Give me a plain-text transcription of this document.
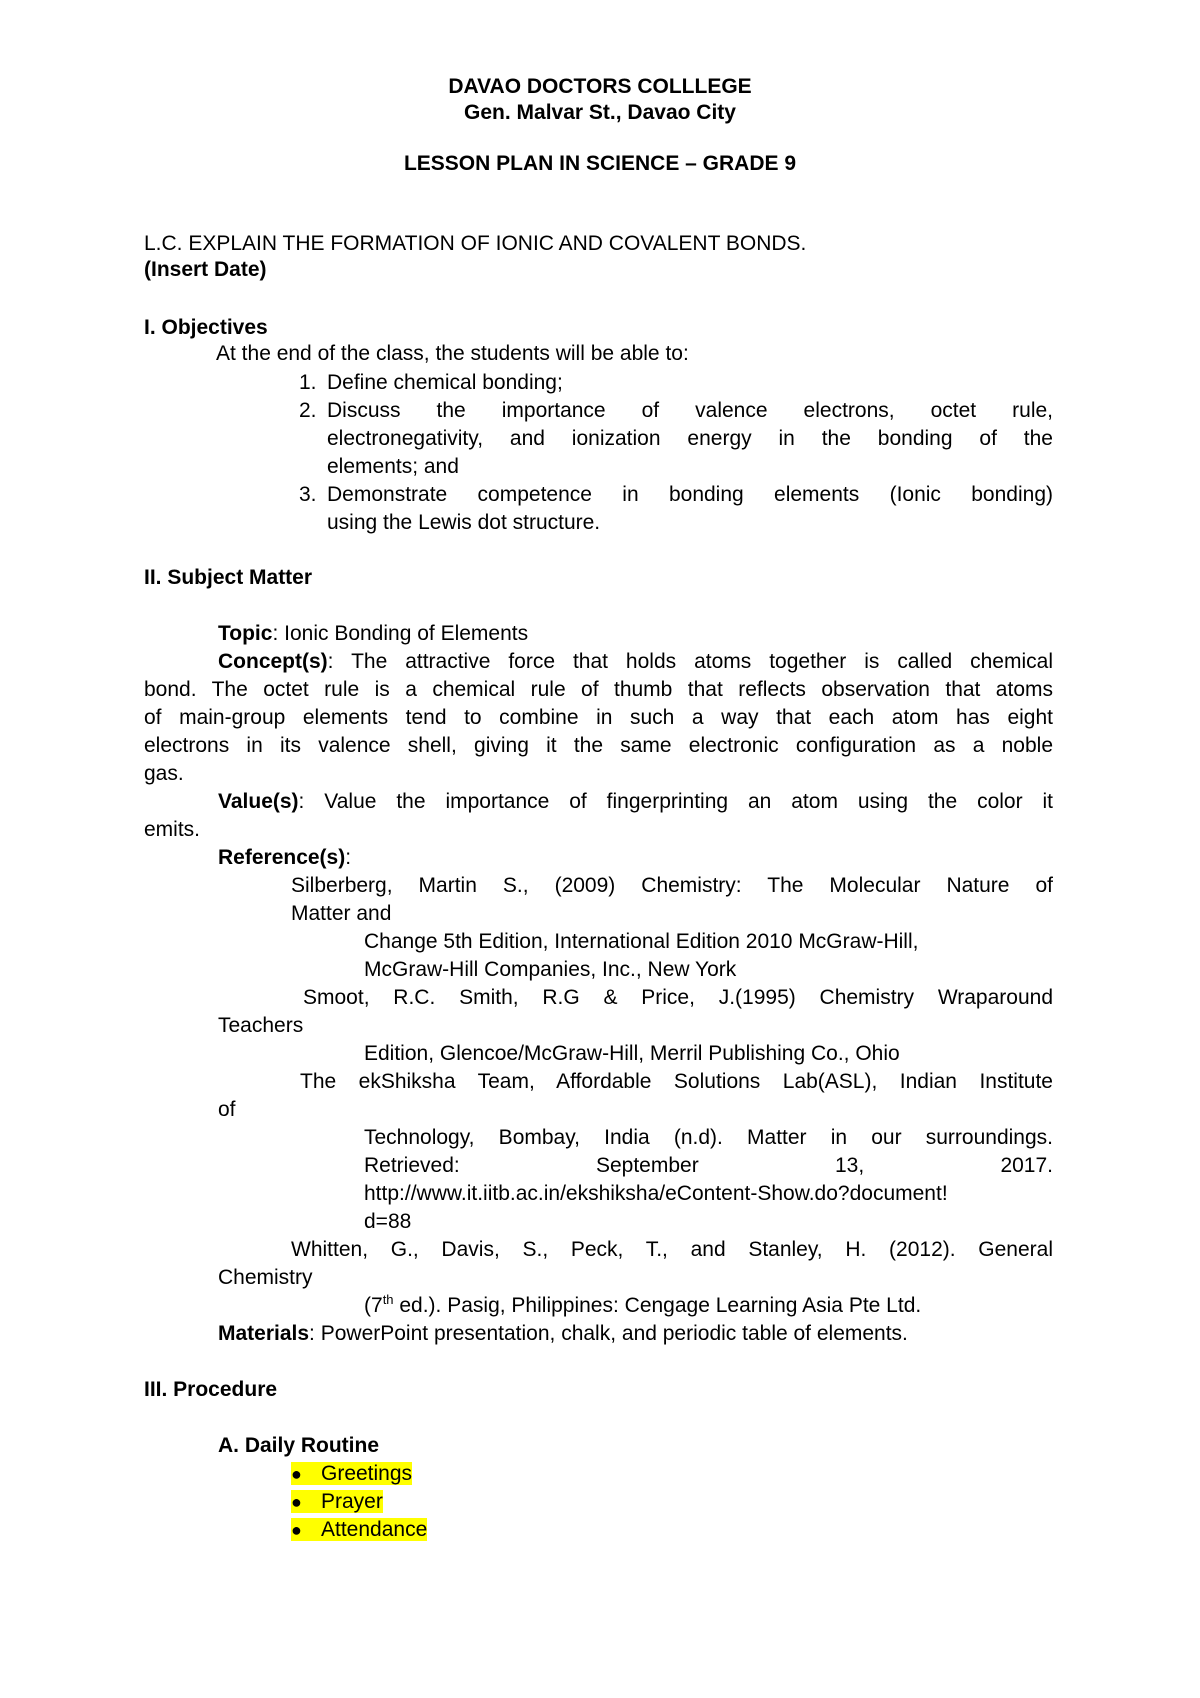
DAVAO DOCTORS COLLLEGE
Gen. Malvar St., Davao City
LESSON PLAN IN SCIENCE – GRADE 9
L.C. EXPLAIN THE FORMATION OF IONIC AND COVALENT BONDS.
(Insert Date)
I. Objectives
At the end of the class, the students will be able to:
1. Define chemical bonding;
2. Discuss the importance of valence electrons, octet rule,
electronegativity, and ionization energy in the bonding of the
elements; and
3. Demonstrate competence in bonding elements (Ionic bonding)
using the Lewis dot structure.
II. Subject Matter
Topic: Ionic Bonding of Elements
Concept(s): The attractive force that holds atoms together is called chemical
bond. The octet rule is a chemical rule of thumb that reflects observation that atoms
of main-group elements tend to combine in such a way that each atom has eight
electrons in its valence shell, giving it the same electronic configuration as a noble
gas.
Value(s): Value the importance of fingerprinting an atom using the color it
emits.
Reference(s):
Silberberg, Martin S., (2009) Chemistry: The Molecular Nature of
Matter and
Change 5th Edition, International Edition 2010 McGraw-Hill,
McGraw-Hill Companies, Inc., New York
Smoot, R.C. Smith, R.G & Price, J.(1995) Chemistry Wraparound
Teachers
Edition, Glencoe/McGraw-Hill, Merril Publishing Co., Ohio
The ekShiksha Team, Affordable Solutions Lab(ASL), Indian Institute
of
Technology, Bombay, India (n.d). Matter in our surroundings.
Retrieved: September 13, 2017.
http://www.it.iitb.ac.in/ekshiksha/eContent-Show.do?document!
d=88
Whitten, G., Davis, S., Peck, T., and Stanley, H. (2012). General
Chemistry
(7th ed.). Pasig, Philippines: Cengage Learning Asia Pte Ltd.
Materials: PowerPoint presentation, chalk, and periodic table of elements.
III. Procedure
A. Daily Routine
● Greetings
● Prayer
● Attendance
